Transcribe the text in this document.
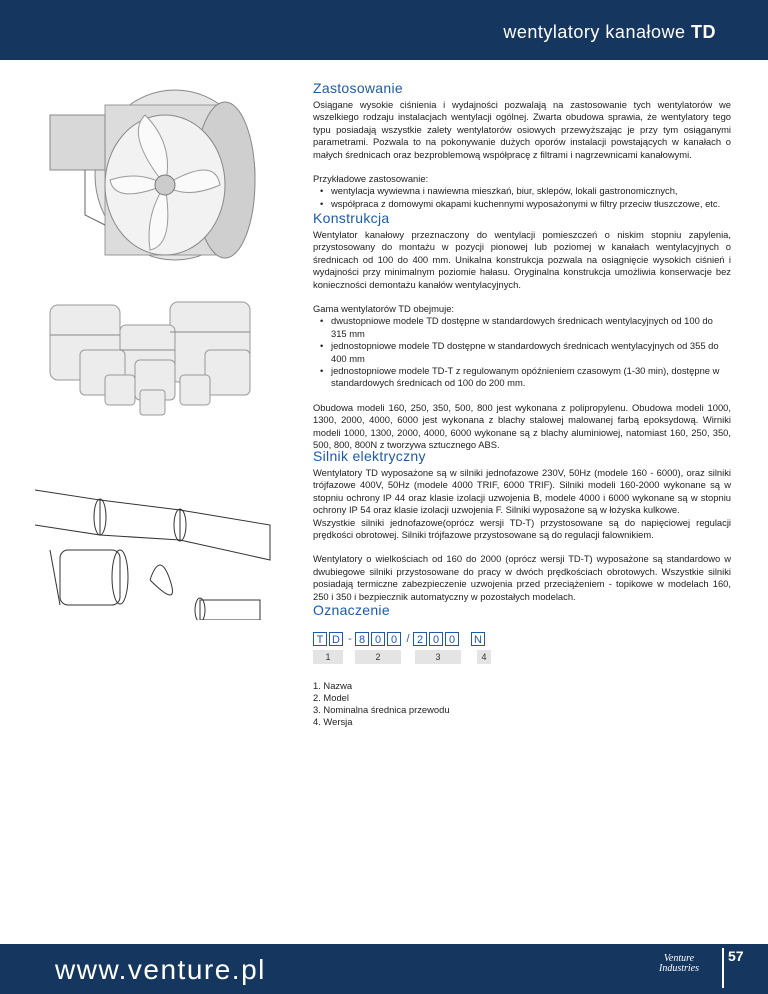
wentylatory kanałowe TD
Zastosowanie

Osiągane wysokie ciśnienia i wydajności pozwalają na zastosowanie tych wentylatorów we wszelkiego rodzaju instalacjach wentylacji ogólnej. Zwarta obudowa sprawia, że wentylatory tego typu posiadają wszystkie zalety wentylatorów osiowych przewyższając je przy tym osiąganymi parametrami. Pozwala to na pokonywanie dużych oporów instalacji powstających w kanałach o małych średnicach oraz bezproblemową współpracę z filtrami i nagrzewnicami kanałowymi.

Przykładowe zastosowanie:

• wentylacja wywiewna i nawiewna mieszkań, biur, sklepów, lokali gastronomicznych,
• współpraca z domowymi okapami kuchennymi wyposażonymi w filtry przeciw tłuszczowe, etc.
Konstrukcja

Wentylator kanałowy przeznaczony do wentylacji pomieszczeń o niskim stopniu zapylenia, przystosowany do montażu w pozycji pionowej lub poziomej w kanałach wentylacyjnych o średnicach od 100 do 400 mm. Unikalna konstrukcja pozwala na osiągnięcie wysokich ciśnień i wydajności przy minimalnym poziomie hałasu. Oryginalna konstrukcja umożliwia konserwacje bez konieczności demontażu kanałów wentylacyjnych.

Gama wentylatorów TD obejmuje:

• dwustopniowe modele TD dostępne w standardowych średnicach wentylacyjnych od 100 do 315 mm
• jednostopniowe modele TD dostępne w standardowych średnicach wentylacyjnych od 355 do 400 mm
• jednostopniowe modele TD-T z regulowanym opóźnieniem czasowym (1-30 min), dostępne w standardowych średnicach od 100 do 200 mm.

Obudowa modeli 160, 250, 350, 500, 800 jest wykonana z polipropylenu. Obudowa modeli 1000, 1300, 2000, 4000, 6000 jest wykonana z blachy stalowej malowanej farbą epoksydową. Wirniki modeli 1000, 1300, 2000, 4000, 6000 wykonane są z blachy aluminiowej, natomiast 160, 250, 350, 500, 800, 800N z tworzywa sztucznego ABS.

Silnik elektryczny

Wentylatory TD wyposażone są w silniki jednofazowe 230V, 50Hz (modele 160 - 6000), oraz silniki trójfazowe 400V, 50Hz (modele 4000 TRIF, 6000 TRIF). Silniki modeli 160-2000 wykonane są w stopniu ochrony IP 44 oraz klasie izolacji uzwojenia B, modele 4000 i 6000 wykonane są w stopniu ochrony IP 54 oraz klasie izolacji uzwojenia F. Silniki wyposażone są w łożyska kulkowe.

Wszystkie silniki jednofazowe(oprócz wersji TD-T) przystosowane są do napięciowej regulacji prędkości obrotowej. Silniki trójfazowe przystosowane są do regulacji falownikiem.

Wentylatory o wielkościach od 160 do 2000 (oprócz wersji TD-T) wyposażone są standardowo w dwubiegowe silniki przystosowane do pracy w dwóch prędkościach obrotowych. Wszystkie silniki posiadają termiczne zabezpieczenie uzwojenia przed przeciążeniem - topikowe w modelach 160, 250 i 350 i bezpiecznik automatyczny w pozostałych modelach.

Oznaczenie
T D - 8 0 0 / 2 0 0	N
1	2	3	4
1. Nazwa
2. Model
3. Nominalna średnica przewodu
4. Wersja
www.venture.pl	Venture
Industries
57
